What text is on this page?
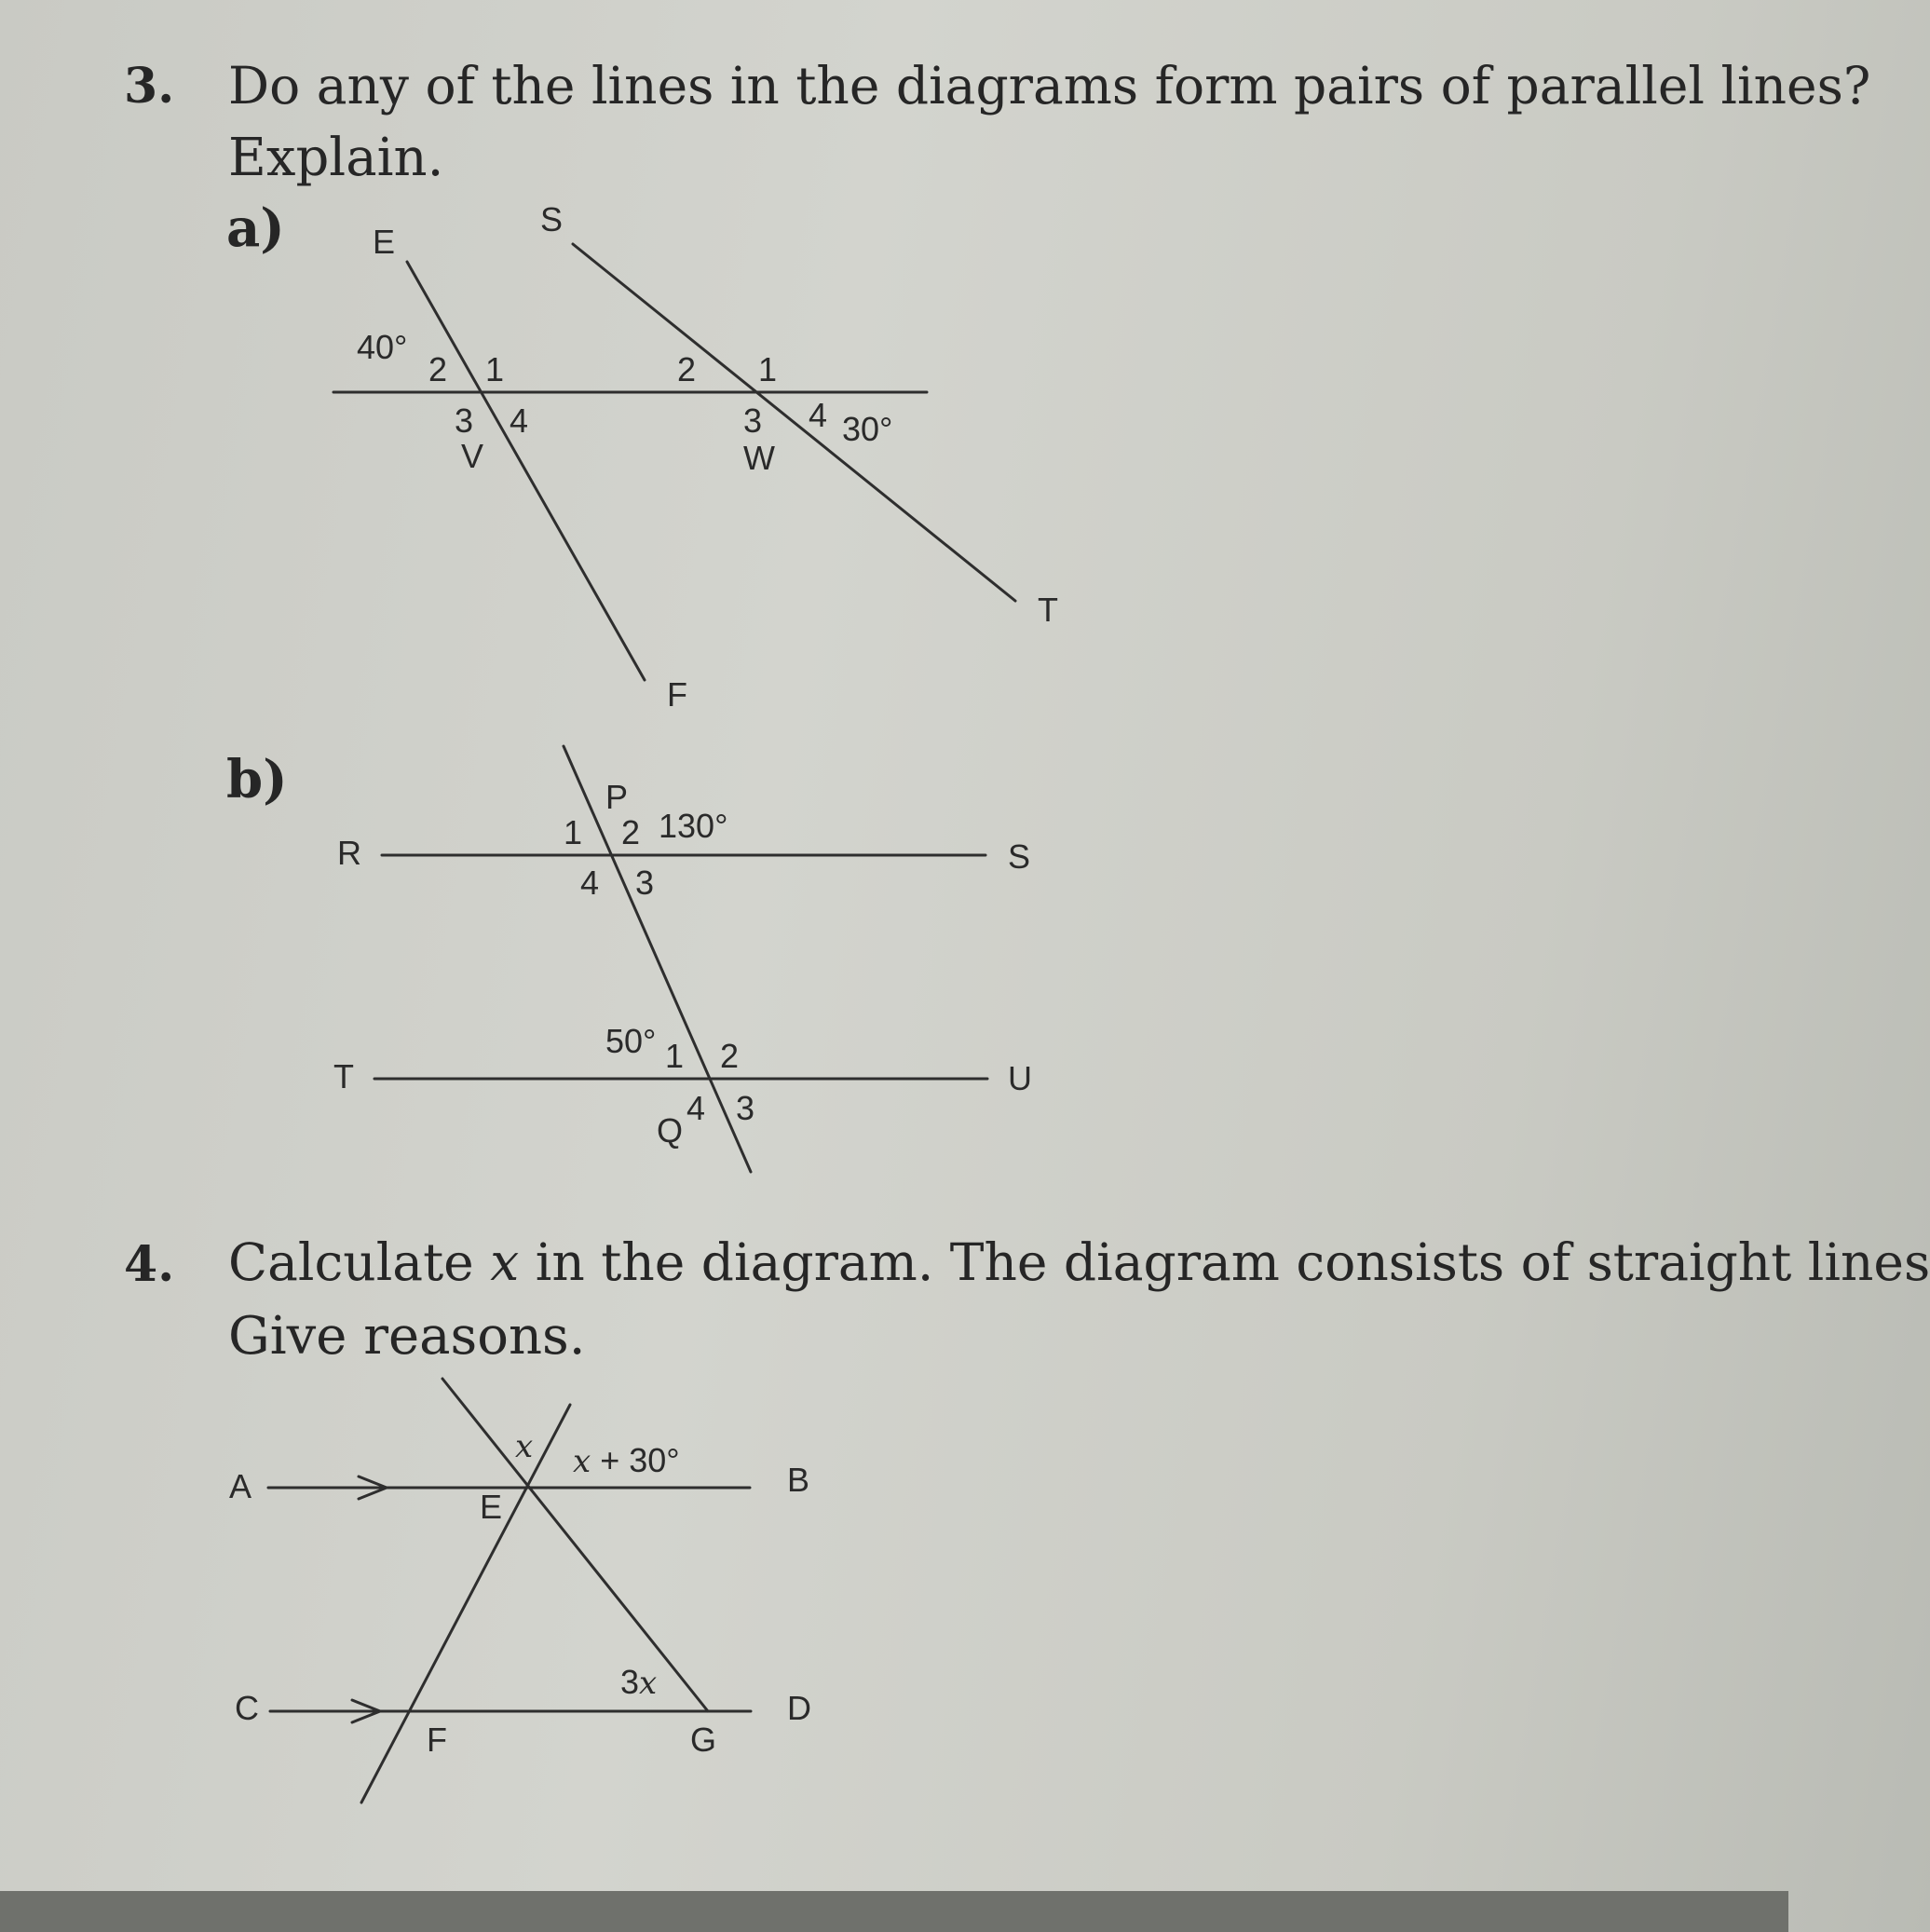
3. Do any of the lines in the diagrams form pairs of parallel lines?
Explain.
a)
b)
E
S
T
F
V	W
40°
30°
2 1
3 4
2 1
3 4
P
Q
R	S
T	U
130°
50°
1 2
4 3
1 2
4 3
4. Calculate x in the diagram. The diagram consists of straight lines
Give reasons.
A	B
C	D
E
F	G
x x + 30°
3x
